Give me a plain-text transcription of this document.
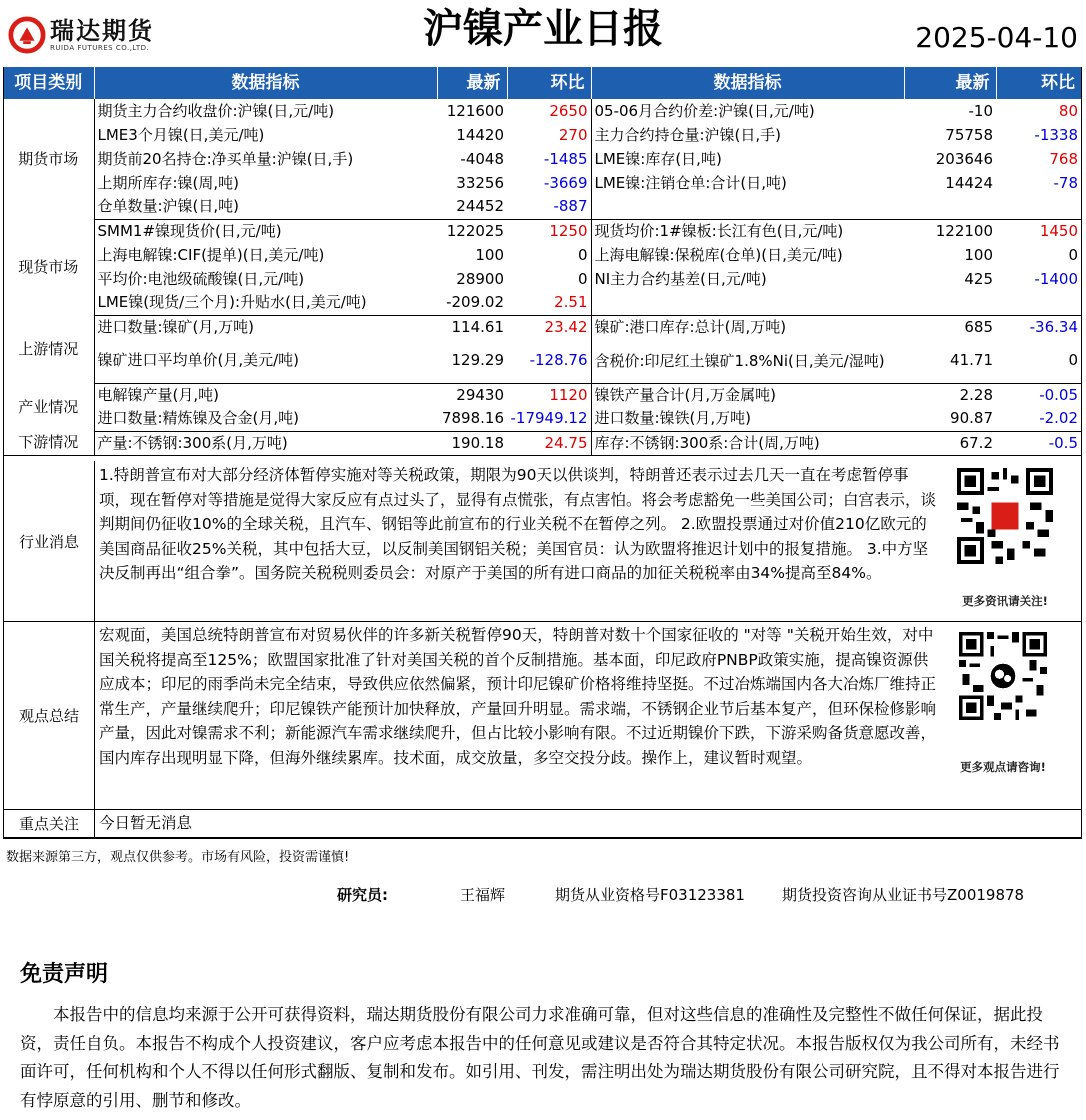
瑞达期货
RUIDA FUTURES CO.,LTD.	沪镍产业日报	2025-04-10
项目类别	数据指标	最新	环比	数据指标	最新	环比
期货市场	期货主力合约收盘价:沪镍(日,元/吨)	121600	2650	05-06月合约价差:沪镍(日,元/吨)	-10	80
	LME3个月镍(日,美元/吨)	14420	270	主力合约持仓量:沪镍(日,手)	75758	-1338
	期货前20名持仓:净买单量:沪镍(日,手)	-4048	-1485	LME镍:库存(日,吨)	203646	768
	上期所库存:镍(周,吨)	33256	-3669	LME镍:注销仓单:合计(日,吨)	14424	-78
	仓单数量:沪镍(日,吨)	24452	-887			
现货市场	SMM1#镍现货价(日,元/吨)	122025	1250	现货均价:1#镍板:长江有色(日,元/吨)	122100	1450
	上海电解镍:CIF(提单)(日,美元/吨)	100	0	上海电解镍:保税库(仓单)(日,美元/吨)	100	0
	平均价:电池级硫酸镍(日,元/吨)	28900	0	NI主力合约基差(日,元/吨)	425	-1400
	LME镍(现货/三个月):升贴水(日,美元/吨)	-209.02	2.51			
上游情况	进口数量:镍矿(月,万吨)	114.61	23.42	镍矿:港口库存:总计(周,万吨)	685	-36.34
	镍矿进口平均单价(月,美元/吨)	129.29	-128.76	含税价:印尼红土镍矿1.8%Ni(日,美元/湿吨)	41.71	0
产业情况	电解镍产量(月,吨)	29430	1120	镍铁产量合计(月,万金属吨)	2.28	-0.05
	进口数量:精炼镍及合金(月,吨)	7898.16	-17949.12	进口数量:镍铁(月,万吨)	90.87	-2.02
下游情况	产量:不锈钢:300系(月,万吨)	190.18	24.75	库存:不锈钢:300系:合计(周,万吨)	67.2	-0.5
行业消息
1.特朗普宣布对大部分经济体暂停实施对等关税政策，期限为90天以供谈判，特朗普还表示过去几天一直在考虑暂停事项，现在暂停对等措施是觉得大家反应有点过头了，显得有点慌张，有点害怕。将会考虑豁免一些美国公司；白宫表示，谈判期间仍征收10%的全球关税，且汽车、钢铝等此前宣布的行业关税不在暂停之列。 2.欧盟投票通过对价值210亿欧元的美国商品征收25%关税，其中包括大豆，以反制美国钢铝关税；美国官员：认为欧盟将推迟计划中的报复措施。 3.中方坚决反制再出“组合拳”。国务院关税税则委员会：对原产于美国的所有进口商品的加征关税税率由34%提高至84%。
更多资讯请关注!
观点总结
宏观面，美国总统特朗普宣布对贸易伙伴的许多新关税暂停90天，特朗普对数十个国家征收的 "对等 "关税开始生效，对中国关税将提高至125%；欧盟国家批准了针对美国关税的首个反制措施。基本面，印尼政府PNBP政策实施，提高镍资源供应成本；印尼的雨季尚未完全结束，导致供应依然偏紧，预计印尼镍矿价格将维持坚挺。不过冶炼端国内各大冶炼厂维持正常生产，产量继续爬升；印尼镍铁产能预计加快释放，产量回升明显。需求端，不锈钢企业节后基本复产，但环保检修影响产量，因此对镍需求不利；新能源汽车需求继续爬升，但占比较小影响有限。不过近期镍价下跌，下游采购备货意愿改善，国内库存出现明显下降，但海外继续累库。技术面，成交放量，多空交投分歧。操作上，建议暂时观望。
更多观点请咨询!
重点关注	今日暂无消息
数据来源第三方，观点仅供参考。市场有风险，投资需谨慎!
研究员:	王福辉	期货从业资格号F03123381 期货投资咨询从业证书号Z0019878
免责声明
本报告中的信息均来源于公开可获得资料，瑞达期货股份有限公司力求准确可靠，但对这些信息的准确性及完整性不做任何保证，据此投资，责任自负。本报告不构成个人投资建议，客户应考虑本报告中的任何意见或建议是否符合其特定状况。本报告版权仅为我公司所有，未经书面许可，任何机构和个人不得以任何形式翻版、复制和发布。如引用、刊发，需注明出处为瑞达期货股份有限公司研究院，且不得对本报告进行有悖原意的引用、删节和修改。
